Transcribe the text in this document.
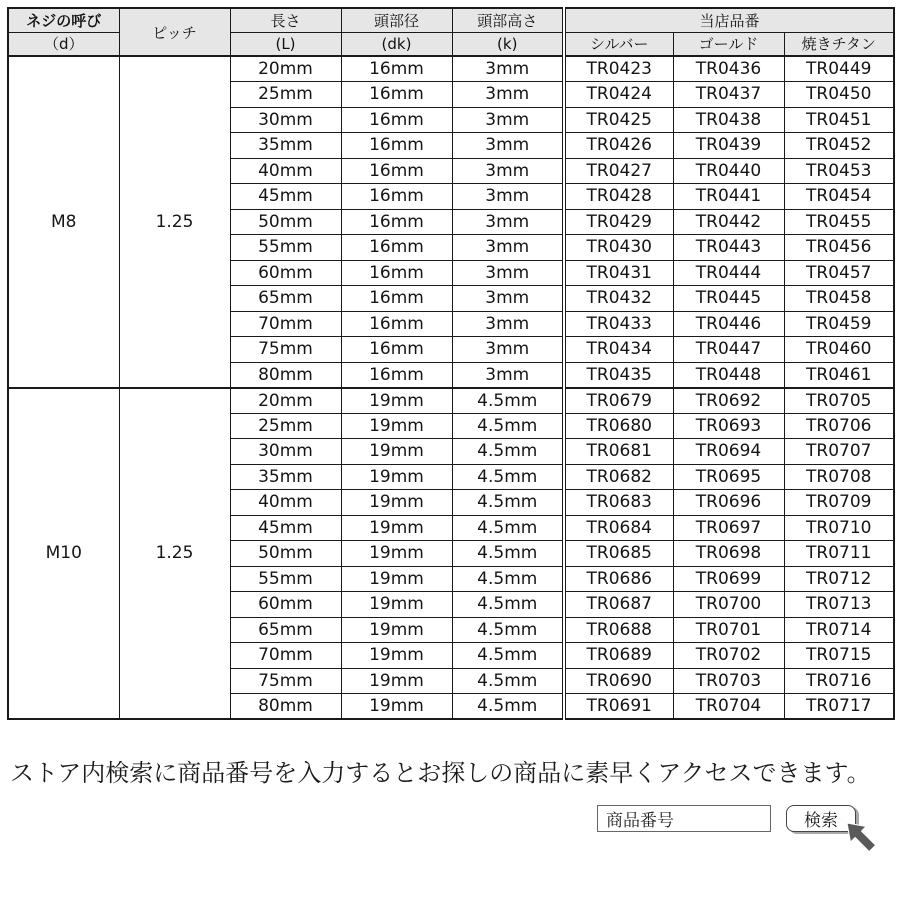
ネジの呼び	ピッチ	長さ	頭部径	頭部高さ	当店品番		
（d）		(L)	(dk)	(k)	シルバー	ゴールド	焼きチタン
M8	1.25	20mm	16mm	3mm	TR0423	TR0436	TR0449
		25mm	16mm	3mm	TR0424	TR0437	TR0450
		30mm	16mm	3mm	TR0425	TR0438	TR0451
		35mm	16mm	3mm	TR0426	TR0439	TR0452
		40mm	16mm	3mm	TR0427	TR0440	TR0453
		45mm	16mm	3mm	TR0428	TR0441	TR0454
		50mm	16mm	3mm	TR0429	TR0442	TR0455
		55mm	16mm	3mm	TR0430	TR0443	TR0456
		60mm	16mm	3mm	TR0431	TR0444	TR0457
		65mm	16mm	3mm	TR0432	TR0445	TR0458
		70mm	16mm	3mm	TR0433	TR0446	TR0459
		75mm	16mm	3mm	TR0434	TR0447	TR0460
		80mm	16mm	3mm	TR0435	TR0448	TR0461
M10	1.25	20mm	19mm	4.5mm	TR0679	TR0692	TR0705
		25mm	19mm	4.5mm	TR0680	TR0693	TR0706
		30mm	19mm	4.5mm	TR0681	TR0694	TR0707
		35mm	19mm	4.5mm	TR0682	TR0695	TR0708
		40mm	19mm	4.5mm	TR0683	TR0696	TR0709
		45mm	19mm	4.5mm	TR0684	TR0697	TR0710
		50mm	19mm	4.5mm	TR0685	TR0698	TR0711
		55mm	19mm	4.5mm	TR0686	TR0699	TR0712
		60mm	19mm	4.5mm	TR0687	TR0700	TR0713
		65mm	19mm	4.5mm	TR0688	TR0701	TR0714
		70mm	19mm	4.5mm	TR0689	TR0702	TR0715
		75mm	19mm	4.5mm	TR0690	TR0703	TR0716
		80mm	19mm	4.5mm	TR0691	TR0704	TR0717
ストア内検索に商品番号を入力するとお探しの商品に素早くアクセスできます。
商品番号
検索
